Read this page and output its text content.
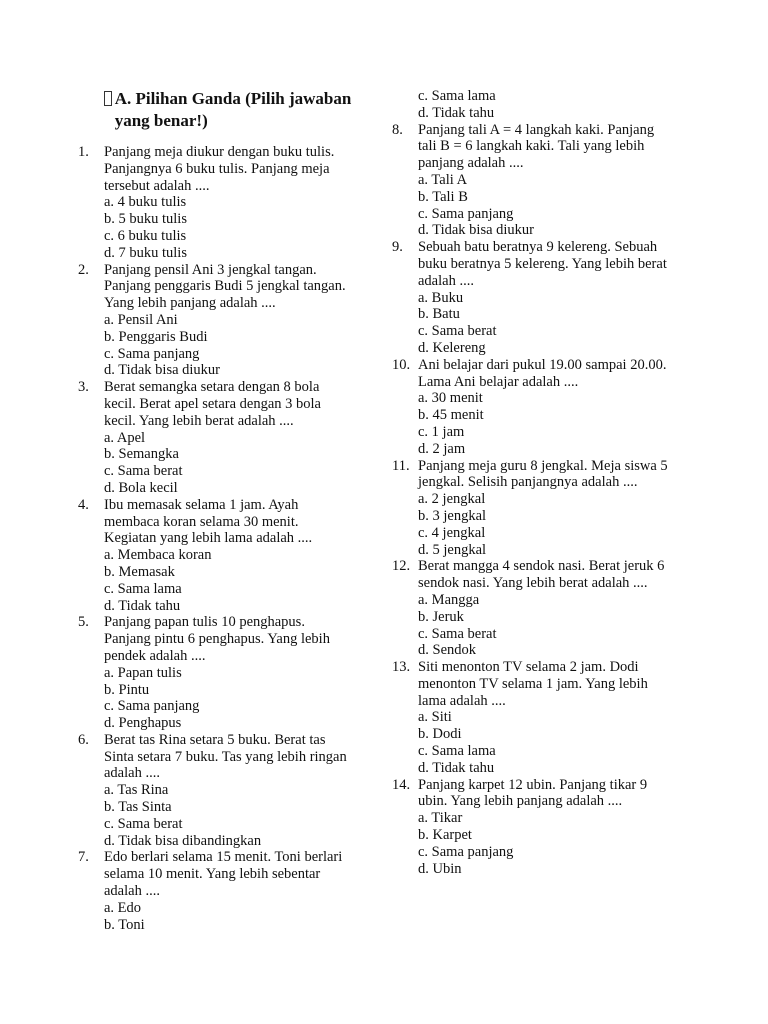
A. Pilihan Ganda (Pilih jawaban yang benar!)
1.	Panjang meja diukur dengan buku tulis. Panjangnya 6 buku tulis. Panjang meja tersebut adalah ....
a. 4 buku tulis
b. 5 buku tulis
c. 6 buku tulis
d. 7 buku tulis
2.	Panjang pensil Ani 3 jengkal tangan. Panjang penggaris Budi 5 jengkal tangan. Yang lebih panjang adalah ....
a. Pensil Ani
b. Penggaris Budi
c. Sama panjang
d. Tidak bisa diukur
3.	Berat semangka setara dengan 8 bola kecil. Berat apel setara dengan 3 bola kecil. Yang lebih berat adalah ....
a. Apel
b. Semangka
c. Sama berat
d. Bola kecil
4.	Ibu memasak selama 1 jam. Ayah membaca koran selama 30 menit. Kegiatan yang lebih lama adalah ....
a. Membaca koran
b. Memasak
c. Sama lama
d. Tidak tahu
5.	Panjang papan tulis 10 penghapus. Panjang pintu 6 penghapus. Yang lebih pendek adalah ....
a. Papan tulis
b. Pintu
c. Sama panjang
d. Penghapus
6.	Berat tas Rina setara 5 buku. Berat tas Sinta setara 7 buku. Tas yang lebih ringan adalah ....
a. Tas Rina
b. Tas Sinta
c. Sama berat
d. Tidak bisa dibandingkan
7.	Edo berlari selama 15 menit. Toni berlari selama 10 menit. Yang lebih sebentar adalah ....
a. Edo
b. Toni
c. Sama lama
d. Tidak tahu
8.	Panjang tali A = 4 langkah kaki. Panjang tali B = 6 langkah kaki. Tali yang lebih panjang adalah ....
a. Tali A
b. Tali B
c. Sama panjang
d. Tidak bisa diukur
9.	Sebuah batu beratnya 9 kelereng. Sebuah buku beratnya 5 kelereng. Yang lebih berat adalah ....
a. Buku
b. Batu
c. Sama berat
d. Kelereng
10. Ani belajar dari pukul 19.00 sampai 20.00. Lama Ani belajar adalah ....
a. 30 menit
b. 45 menit
c. 1 jam
d. 2 jam
11. Panjang meja guru 8 jengkal. Meja siswa 5 jengkal. Selisih panjangnya adalah ....
a. 2 jengkal
b. 3 jengkal
c. 4 jengkal
d. 5 jengkal
12. Berat mangga 4 sendok nasi. Berat jeruk 6 sendok nasi. Yang lebih berat adalah ....
a. Mangga
b. Jeruk
c. Sama berat
d. Sendok
13. Siti menonton TV selama 2 jam. Dodi menonton TV selama 1 jam. Yang lebih lama adalah ....
a. Siti
b. Dodi
c. Sama lama
d. Tidak tahu
14. Panjang karpet 12 ubin. Panjang tikar 9 ubin. Yang lebih panjang adalah ....
a. Tikar
b. Karpet
c. Sama panjang
d. Ubin
